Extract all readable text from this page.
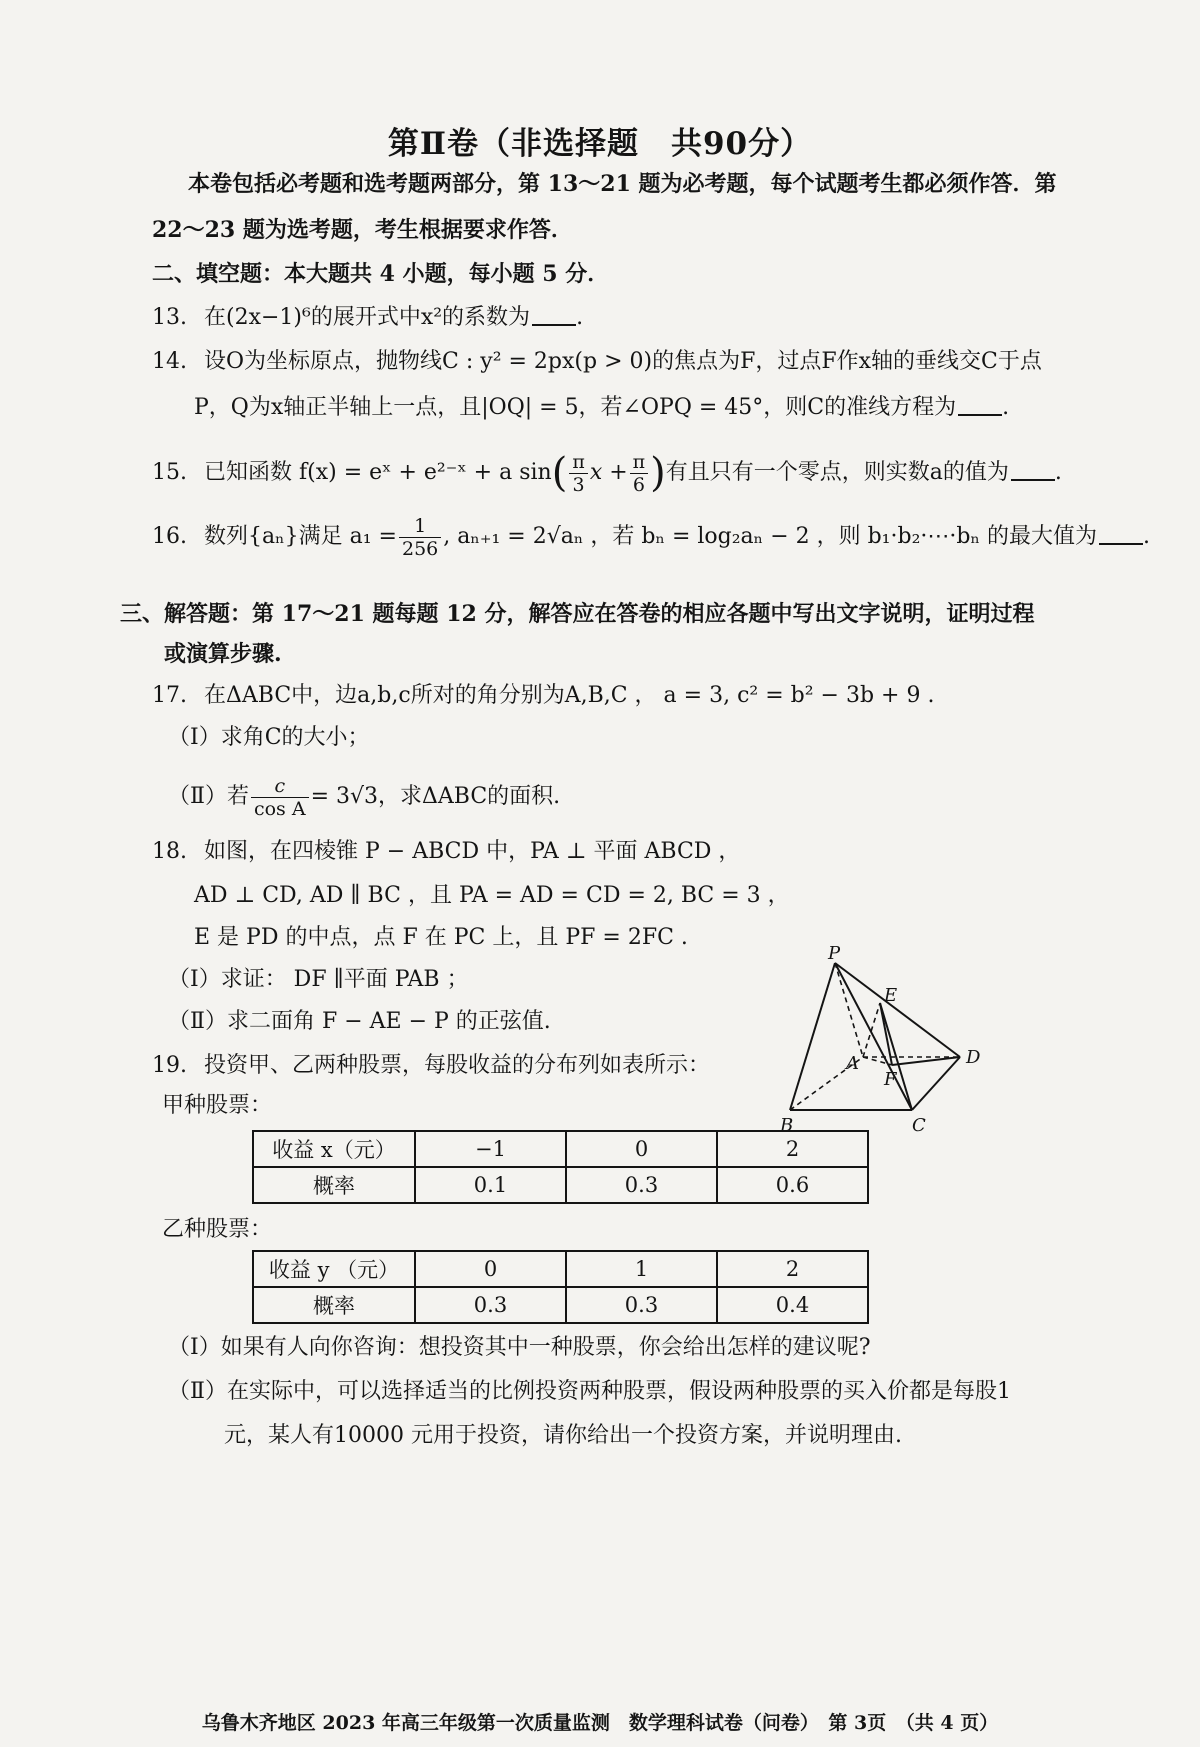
第Ⅱ卷（非选择题　共90分）
本卷包括必考题和选考题两部分，第 13～21 题为必考题，每个试题考生都必须作答．第
22～23 题为选考题，考生根据要求作答．
二、填空题：本大题共 4 小题，每小题 5 分．
13. 在(2x−1)⁶的展开式中x²的系数为 .
14. 设O为坐标原点，抛物线C : y² = 2px(p > 0)的焦点为F，过点F作x轴的垂线交C于点
P，Q为x轴正半轴上一点，且|OQ| = 5，若∠OPQ = 45°，则C的准线方程为 .
15. 已知函数 f(x) = eˣ + e²⁻ˣ + a $\sin( \frac{\pi}{3}$ $x + \frac{\pi}{6}$ )有且只有一个零点，则实数a的值为 .
16. 数列{aₙ}满足 $a_1 = \frac{1}{256}$ , aₙ₊₁ = 2√aₙ ，若 bₙ = log₂aₙ − 2 ，则 b₁·b₂·⋯·bₙ 的最大值为 .
三、解答题：第 17～21 题每题 12 分，解答应在答卷的相应各题中写出文字说明，证明过程
或演算步骤.
17. 在ΔABC中，边a,b,c所对的角分别为A,B,C ， a = 3, c² = b² − 3b + 9 .
（Ⅰ）求角C的大小；
（Ⅱ）若 $\frac{c}{\text{cos A}} = 3√3$，求ΔABC的面积.
18. 如图，在四棱锥 P − ABCD 中，PA ⊥ 平面 ABCD ，
AD ⊥ CD, AD ∥ BC ，且 PA = AD = CD = 2, BC = 3 ，
E 是 PD 的中点，点 F 在 PC 上，且 PF = 2FC .
（Ⅰ）求证： DF ∥平面 PAB ；
（Ⅱ）求二面角 F − AE − P 的正弦值.
P
E
A	D
F
B	C
19. 投资甲、乙两种股票，每股收益的分布列如表所示：
甲种股票：
收益 x（元）	−1	0	2
概率	0.1	0.3	0.6
乙种股票：
收益 y （元）	0	1	2
概率	0.3	0.3	0.4
（Ⅰ）如果有人向你咨询：想投资其中一种股票，你会给出怎样的建议呢?
（Ⅱ）在实际中，可以选择适当的比例投资两种股票，假设两种股票的买入价都是每股1
元，某人有10000 元用于投资，请你给出一个投资方案，并说明理由.
乌鲁木齐地区 2023 年高三年级第一次质量监测　数学理科试卷（问卷）　第 3页　（共 4 页）
